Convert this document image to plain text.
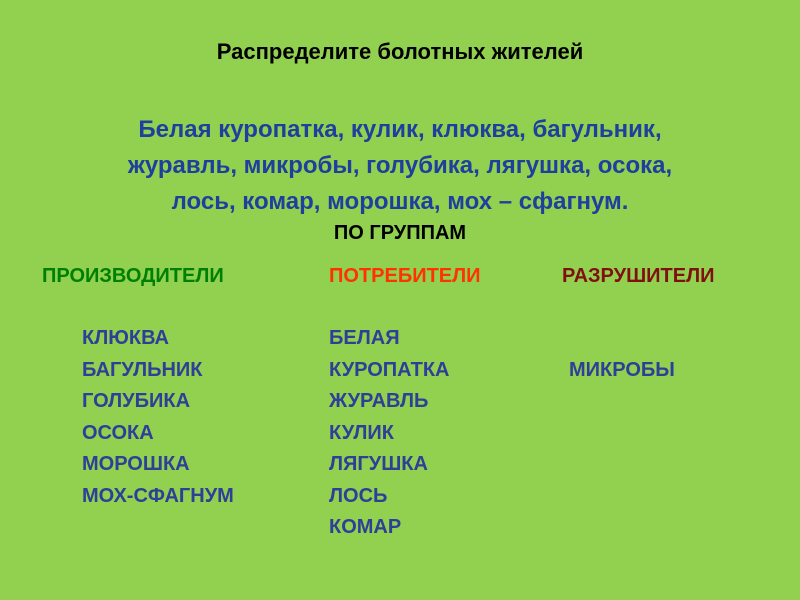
Распределите болотных жителей
Белая куропатка, кулик, клюква, багульник,
журавль, микробы, голубика, лягушка, осока,
лось, комар, морошка, мох – сфагнум.
ПО ГРУППАМ
ПРОИЗВОДИТЕЛИ	ПОТРЕБИТЕЛИ	РАЗРУШИТЕЛИ
КЛЮКВА
БАГУЛЬНИК
ГОЛУБИКА
ОСОКА
МОРОШКА
МОХ-СФАГНУМ
БЕЛАЯ
КУРОПАТКА
ЖУРАВЛЬ
КУЛИК
ЛЯГУШКА
ЛОСЬ
КОМАР
МИКРОБЫ
